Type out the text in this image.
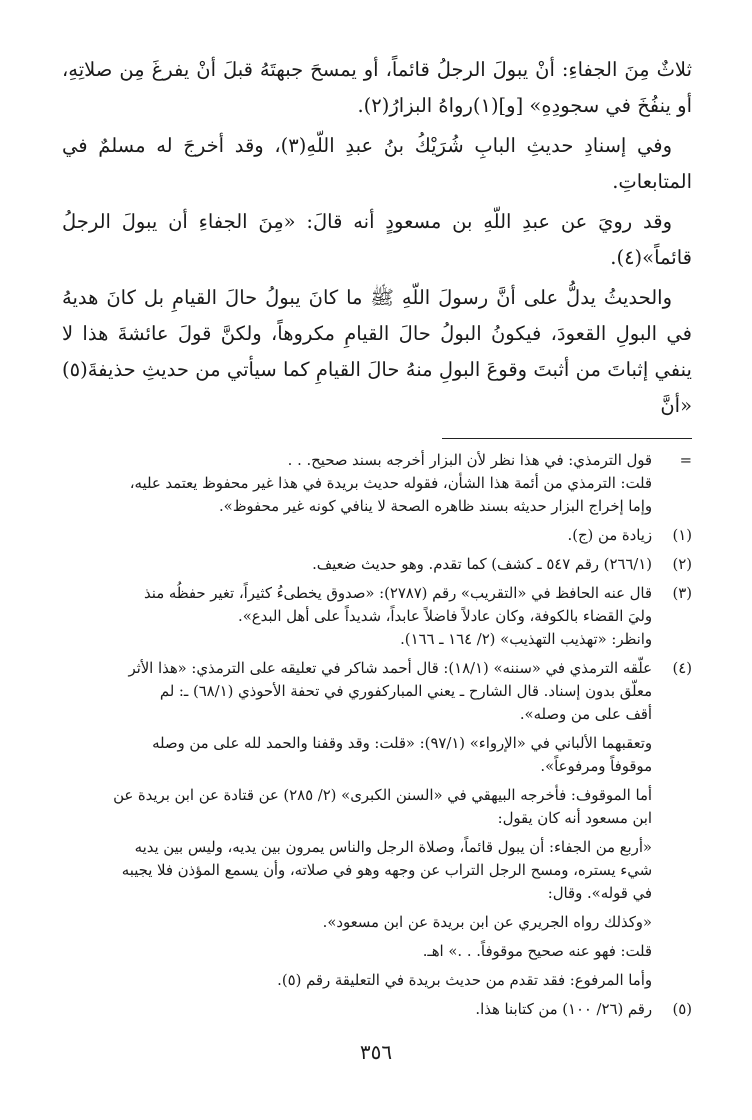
ثلاثٌ مِنَ الجفاءِ: أنْ يبولَ الرجلُ قائماً، أو يمسحَ جبهتَهُ قبلَ أنْ يفرغَ مِن صلاتِهِ، أو ينفُخَ في سجودِهِ» [و](١)رواهُ البزارُ(٢).

وفي إسنادِ حديثِ البابِ شُرَيْكُ بنُ عبدِ اللّهِ(٣)، وقد أخرجَ له مسلمٌ في المتابعاتِ.

وقد رويَ عن عبدِ اللّهِ بن مسعودٍ أنه قالَ: «مِنَ الجفاءِ أن يبولَ الرجلُ قائماً»(٤).

والحديثُ يدلُّ على أنَّ رسولَ اللّهِ ﷺ ما كانَ يبولُ حالَ القيامِ بل كانَ هديهُ في البولِ القعودَ، فيكونُ البولُ حالَ القيامِ مكروهاً، ولكنَّ قولَ عائشةَ هذا لا ينفي إثباتَ من أثبتَ وقوعَ البولِ منهُ حالَ القيامِ كما سيأتي من حديثِ حذيفةَ(٥) «أنَّ

=
قول الترمذي: في هذا نظر لأن البزار أخرجه بسند صحيح. . .
قلت: الترمذي من أئمة هذا الشأن، فقوله حديث بريدة في هذا غير محفوظ يعتمد عليه،
وإما إخراج البزار حديثه بسند ظاهره الصحة لا ينافي كونه غير محفوظ».
(١)
زيادة من (ج).
(٢)
(٢٦٦/١) رقم ٥٤٧ ـ كشف) كما تقدم. وهو حديث ضعيف.
(٣)
قال عنه الحافظ في «التقريب» رقم (٢٧٨٧): «صدوق يخطىءُ كثيراً، تغير حفظُه منذ
وليَ القضاء بالكوفة، وكان عادلاً فاضلاً عابداً، شديداً على أهل البدع».
وانظر: «تهذيب التهذيب» (٢/ ١٦٤ ـ ١٦٦).
(٤)
علّقه الترمذي في «سننه» (١٨/١): قال أحمد شاكر في تعليقه على الترمذي: «هذا الأثر
معلّق بدون إسناد. قال الشارح ـ يعني المباركفوري في تحفة الأحوذي (٦٨/١) ـ: لم
أقف على من وصله».
وتعقبهما الألباني في «الإرواء» (٩٧/١): «قلت: وقد وقفنا والحمد لله على من وصله
موقوفاً ومرفوعاً».
أما الموقوف: فأخرجه البيهقي في «السنن الكبرى» (٢/ ٢٨٥) عن قتادة عن ابن بريدة عن
ابن مسعود أنه كان يقول:
«أربع من الجفاء: أن يبول قائماً، وصلاة الرجل والناس يمرون بين يديه، وليس بين يديه
شيء يستره، ومسح الرجل التراب عن وجهه وهو في صلاته، وأن يسمع المؤذن فلا يجيبه
في قوله». وقال:
«وكذلك رواه الجريري عن ابن بريدة عن ابن مسعود».
قلت: فهو عنه صحيح موقوفاً. . .» اهـ.
وأما المرفوع: فقد تقدم من حديث بريدة في التعليقة رقم (٥).
(٥)
رقم (٢٦/ ١٠٠) من كتابنا هذا.
٣٥٦
